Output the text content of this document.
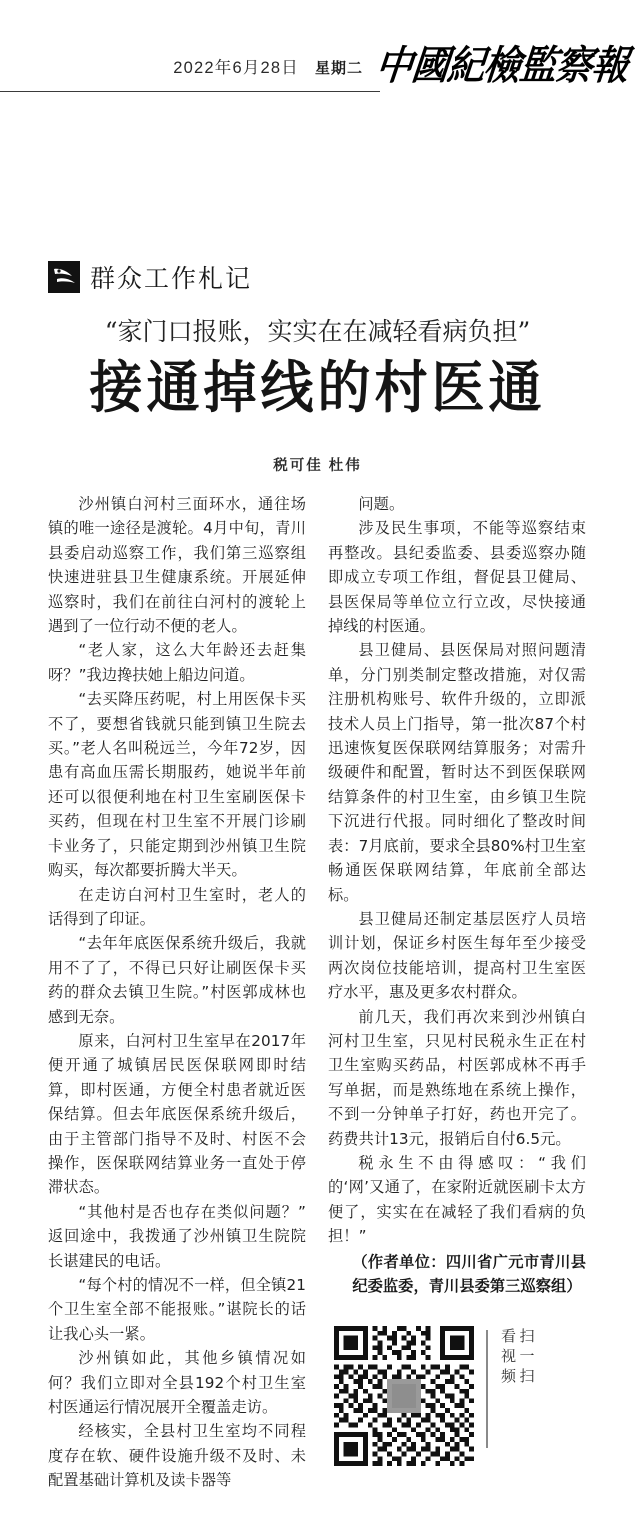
2022年6月28日 星期二 中國紀檢監察報
群众工作札记
“家门口报账，实实在在减轻看病负担”
接通掉线的村医通
税可佳 杜伟

沙州镇白河村三面环水，通往场镇的唯一途径是渡轮。4月中旬，青川县委启动巡察工作，我们第三巡察组快速进驻县卫生健康系统。开展延伸巡察时，我们在前往白河村的渡轮上遇到了一位行动不便的老人。

“老人家，这么大年龄还去赶集呀？”我边搀扶她上船边问道。

“去买降压药呢，村上用医保卡买不了，要想省钱就只能到镇卫生院去买。”老人名叫税远兰，今年72岁，因患有高血压需长期服药，她说半年前还可以很便利地在村卫生室刷医保卡买药，但现在村卫生室不开展门诊刷卡业务了，只能定期到沙州镇卫生院购买，每次都要折腾大半天。

在走访白河村卫生室时，老人的话得到了印证。

“去年年底医保系统升级后，我就用不了了，不得已只好让刷医保卡买药的群众去镇卫生院。”村医郭成林也感到无奈。

原来，白河村卫生室早在2017年便开通了城镇居民医保联网即时结算，即村医通，方便全村患者就近医保结算。但去年底医保系统升级后，由于主管部门指导不及时、村医不会操作，医保联网结算业务一直处于停滞状态。

“其他村是否也存在类似问题？”返回途中，我拨通了沙州镇卫生院院长谌建民的电话。

“每个村的情况不一样，但全镇21个卫生室全部不能报账。”谌院长的话让我心头一紧。

沙州镇如此，其他乡镇情况如何？我们立即对全县192个村卫生室村医通运行情况展开全覆盖走访。

经核实，全县村卫生室均不同程度存在软、硬件设施升级不及时、未配置基础计算机及读卡器等

问题。

涉及民生事项，不能等巡察结束再整改。县纪委监委、县委巡察办随即成立专项工作组，督促县卫健局、县医保局等单位立行立改，尽快接通掉线的村医通。

县卫健局、县医保局对照问题清单，分门别类制定整改措施，对仅需注册机构账号、软件升级的，立即派技术人员上门指导，第一批次87个村迅速恢复医保联网结算服务；对需升级硬件和配置，暂时达不到医保联网结算条件的村卫生室，由乡镇卫生院下沉进行代报。同时细化了整改时间表：7月底前，要求全县80%村卫生室畅通医保联网结算，年底前全部达标。

县卫健局还制定基层医疗人员培训计划，保证乡村医生每年至少接受两次岗位技能培训，提高村卫生室医疗水平，惠及更多农村群众。

前几天，我们再次来到沙州镇白河村卫生室，只见村民税永生正在村卫生室购买药品，村医郭成林不再手写单据，而是熟练地在系统上操作，不到一分钟单子打好，药也开完了。药费共计13元，报销后自付6.5元。

税永生不由得感叹：“我们的‘网’又通了，在家附近就医刷卡太方便了，实实在在减轻了我们看病的负担！”

（作者单位：四川省广元市青川县纪委监委，青川县委第三巡察组）

扫一扫
看视频
